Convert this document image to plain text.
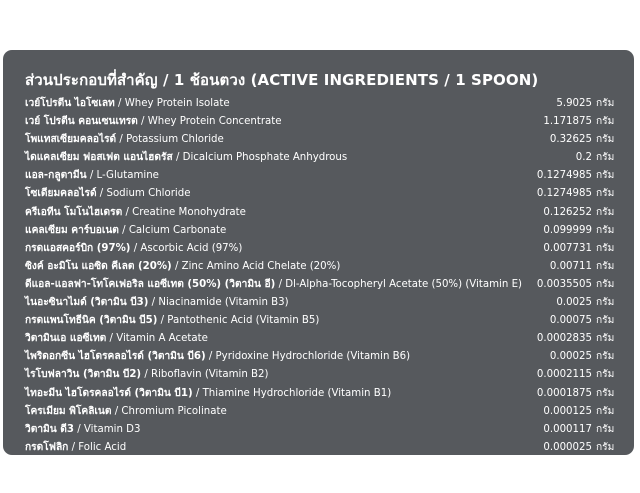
ส่วนประกอบที่สำคัญ / 1 ช้อนตวง (ACTIVE INGREDIENTS / 1 SPOON)
เวย์โปรตีน ไอโซเลท / Whey Protein Isolate	5.9025 กรัม
เวย์ โปรตีน คอนเซนเทรต / Whey Protein Concentrate	1.171875 กรัม
โพแทสเซียมคลอไรด์ / Potassium Chloride	0.32625 กรัม
ไดแคลเซียม ฟอสเฟต แอนไฮดรัส / Dicalcium Phosphate Anhydrous	0.2 กรัม
แอล-กลูตามีน / L-Glutamine	0.1274985 กรัม
โซเดียมคลอไรด์ / Sodium Chloride	0.1274985 กรัม
ครีเอทีน โมโนไฮเดรต / Creatine Monohydrate	0.126252 กรัม
แคลเซียม คาร์บอเนต / Calcium Carbonate	0.099999 กรัม
กรดแอสคอร์บิก (97%) / Ascorbic Acid (97%)	0.007731 กรัม
ซิงค์ อะมิโน แอซิด คีเลต (20%) / Zinc Amino Acid Chelate (20%)	0.00711 กรัม
ดีแอล-แอลฟา-โทโคเฟอริล แอซีเทต (50%) (วิตามิน อี) / Dl-Alpha-Tocopheryl Acetate (50%) (Vitamin E) 0.0035505 กรัม
ไนอะซินาไมด์ (วิตามิน บี3) / Niacinamide (Vitamin B3)	0.0025 กรัม
กรดแพนโทธีนิค (วิตามิน บี5) / Pantothenic Acid (Vitamin B5)	0.00075 กรัม
วิตามินเอ แอซีเทต / Vitamin A Acetate	0.0002835 กรัม
ไพริดอกซีน ไฮโดรคลอไรด์ (วิตามิน บี6) / Pyridoxine Hydrochloride (Vitamin B6)	0.00025 กรัม
ไรโบฟลาวิน (วิตามิน บี2) / Riboflavin (Vitamin B2)	0.0002115 กรัม
ไทอะมีน ไฮโดรคลอไรด์ (วิตามิน บี1) / Thiamine Hydrochloride (Vitamin B1)	0.0001875 กรัม
โครเมียม พิโคลิเนต / Chromium Picolinate	0.000125 กรัม
วิตามิน ดี3 / Vitamin D3	0.000117 กรัม
กรดโฟลิก / Folic Acid	0.000025 กรัม
ไบโอติน / Biotin	0.00001875 กรัม
ไซยาโนโคบาลามิน (วิตามิน บี12) / Cyanocobalamin (Vitamin B12)	0.00000025 กรัม
